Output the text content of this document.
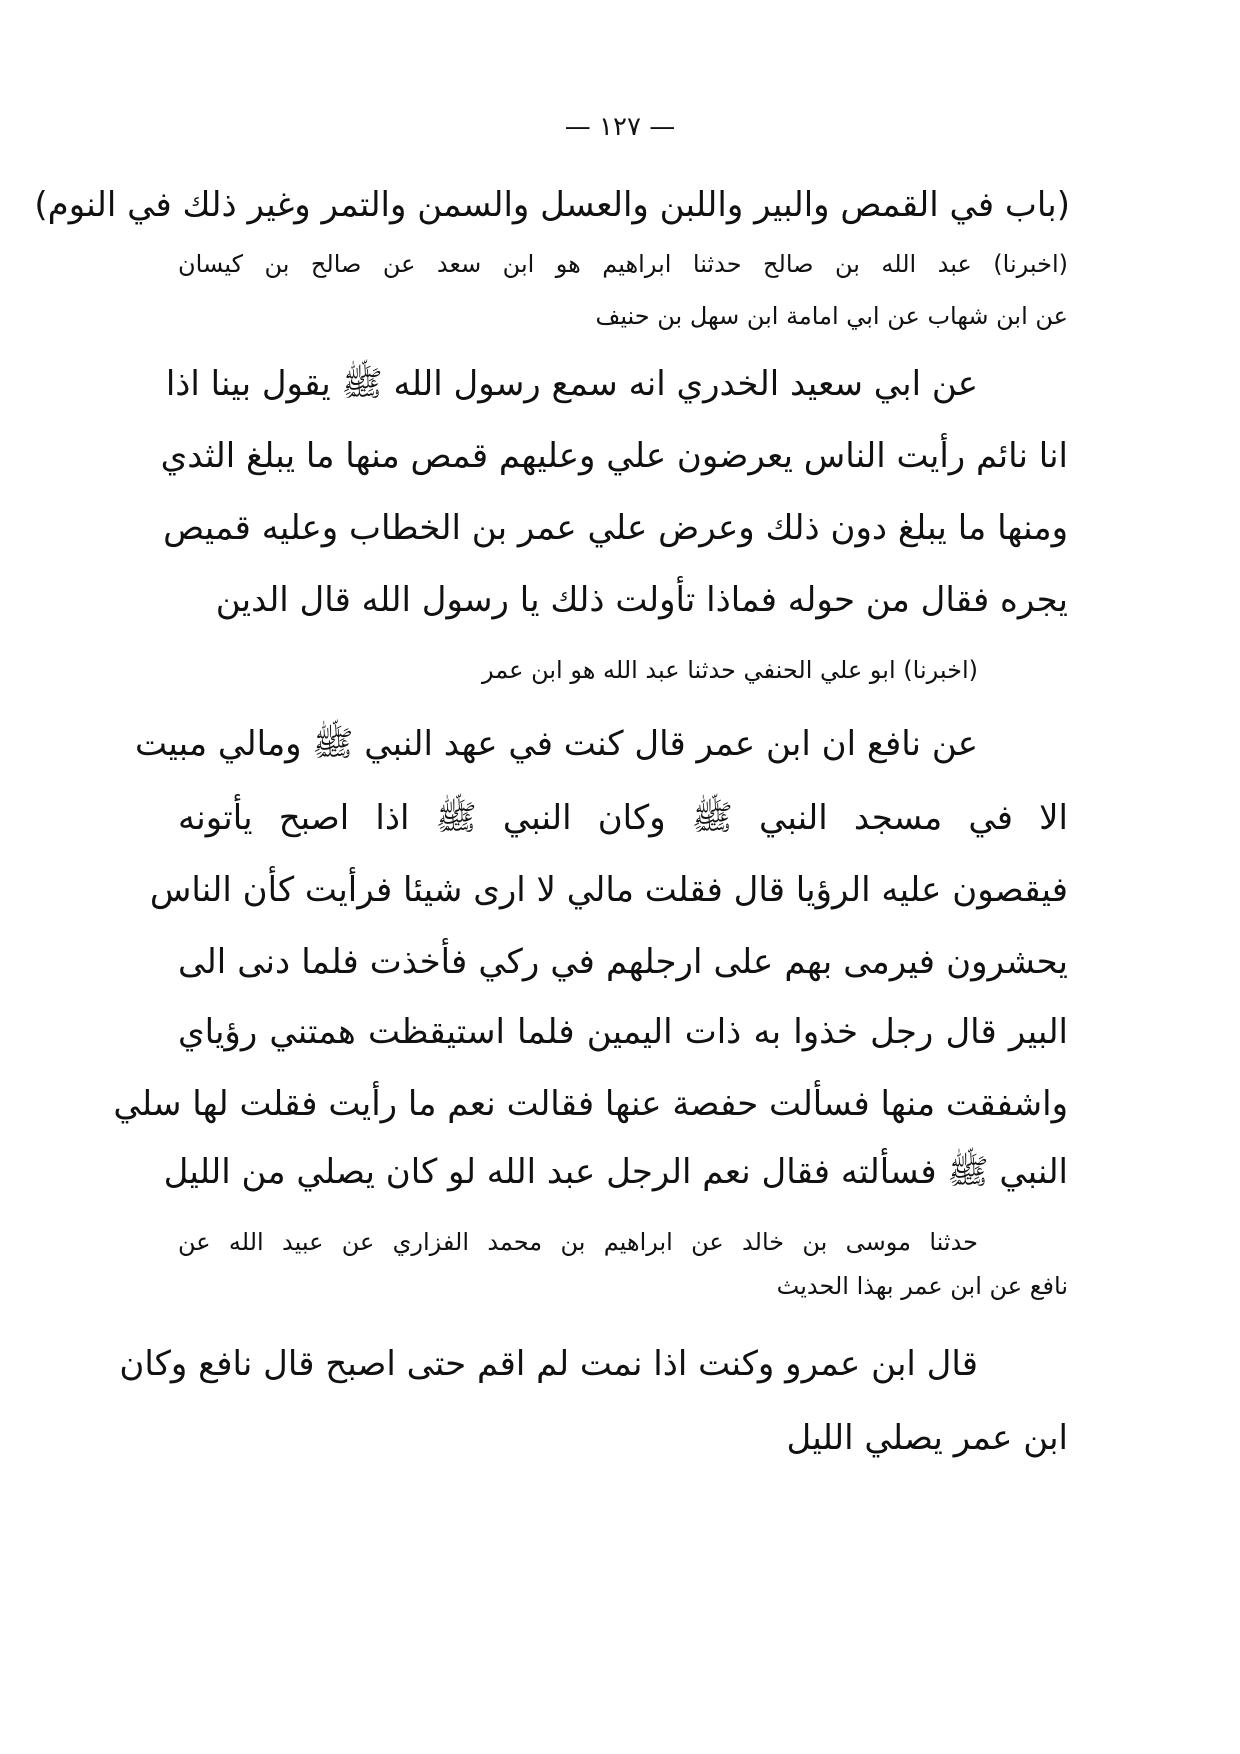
— ١٢٧ —
(باب في القمص والبير واللبن والعسل والسمن والتمر وغير ذلك في النوم)
(اخبرنا) عبد الله بن صالح حدثنا ابراهيم هو ابن سعد عن صالح بن كيسان
عن ابن شهاب عن ابي امامة ابن سهل بن حنيف
عن ابي سعيد الخدري انه سمع رسول الله ﷺ يقول بينا اذا
انا نائم رأيت الناس يعرضون علي وعليهم قمص منها ما يبلغ الثدي
ومنها ما يبلغ دون ذلك وعرض علي عمر بن الخطاب وعليه قميص
يجره فقال من حوله فماذا تأولت ذلك يا رسول الله قال الدين
(اخبرنا) ابو علي الحنفي حدثنا عبد الله هو ابن عمر
عن نافع ان ابن عمر قال كنت في عهد النبي ﷺ ومالي مبيت
الا في مسجد النبي ﷺ وكان النبي ﷺ اذا اصبح يأتونه
فيقصون عليه الرؤيا قال فقلت مالي لا ارى شيئا فرأيت كأن الناس
يحشرون فيرمى بهم على ارجلهم في ركي فأخذت فلما دنى الى
البير قال رجل خذوا به ذات اليمين فلما استيقظت همتني رؤياي
واشفقت منها فسألت حفصة عنها فقالت نعم ما رأيت فقلت لها سلي
النبي ﷺ فسألته فقال نعم الرجل عبد الله لو كان يصلي من الليل
حدثنا موسى بن خالد عن ابراهيم بن محمد الفزاري عن عبيد الله عن
نافع عن ابن عمر بهذا الحديث
قال ابن عمرو وكنت اذا نمت لم اقم حتى اصبح قال نافع وكان
ابن عمر يصلي الليل
